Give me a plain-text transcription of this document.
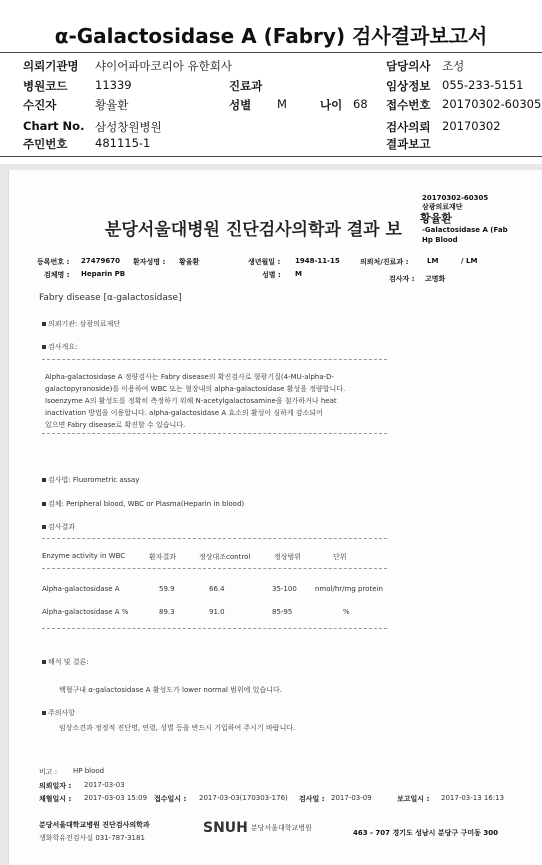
α-Galactosidase A (Fabry) 검사결과보고서
의뢰기관명 샤이어파마코리아 유한회사	담당의사 조성
병원코드 11339	진료과	임상정보 055-233-5151
수진자	황율환	성별 M	나이 68 접수번호 20170302-60305
Chart No. 삼성창원병원	검사의뢰 20170302
주민번호 481115-1	결과보고
20170302-60305
삼광의료재단
황율환
-Galactosidase A (Fab
Hp Blood
분당서울대병원 진단검사의학과 결과 보
등록번호 : 27479670 환자성명 : 황율환	생년월일 : 1948-11-15	의뢰처/진료과 :	LM	/ LM
검체명 : Heparin PB	성별 : M
검사자 : 고명화
Fabry disease [α-galactosidase]
의뢰기관: 삼광의료재단
검사개요:
Alpha-galactosidase A 정량검사는 Fabry disease의 확진검사로 형광기질(4-MU-alpha-D-
galactopyranoside)를 이용하여 WBC 또는 혈장내의 alpha-galactosidase 활성을 정량합니다.
Isoenzyme A의 활성도를 정확히 측정하기 위해 N-acetylgalactosamine을 첨가하거나 heat
inactivation 방법을 이용합니다. alpha-galactosidase A 효소의 활성이 심하게 감소되어
있으면 Fabry disease로 확진할 수 있습니다.
검사법: Fluorometric assay
검체: Peripheral blood, WBC or Plasma(Heparin in blood)
검사결과
Enzyme activity in WBC	환자결과	정상대조control	정상범위	단위
Alpha-galactosidase A	59.9	66.4	35-100	nmol/hr/mg protein
Alpha-galactosidase A %	89.3	91.0	85-95	%
해석 및 결론:
백혈구내 α-galactosidase A 활성도가 lower normal 범위에 있습니다.
주의사항
임상소견과 정정적 진단명, 연령, 성별 등을 반드시 기입하여 주시기 바랍니다.
비고 : HP blood
의뢰일자 : 2017-03-03
채혈일시 : 2017-03-03 15:09 접수일시 : 2017-03-03(170303-176) 검사일 : 2017-03-09	보고일시 : 2017-03-13 16:13
분당서울대학교병원 진단검사의학과
생화학유전검사실 031-787-3181
SNUH 분당서울대학교병원
463 - 707 경기도 성남시 분당구 구미동 300
